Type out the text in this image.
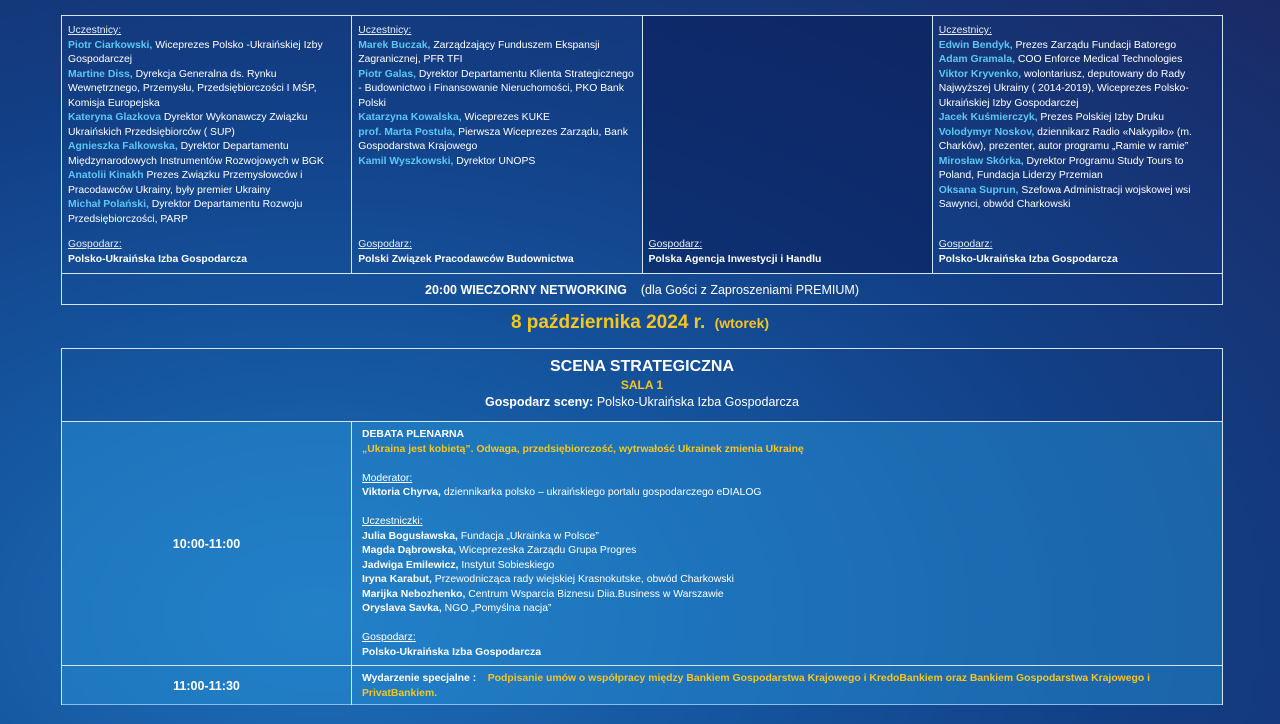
Uczestnicy:
Piotr Ciarkowski, Wiceprezes Polsko -Ukraińskiej Izby Gospodarczej
Martine Diss, Dyrekcja Generalna ds. Rynku Wewnętrznego, Przemysłu, Przedsiębiorczości I MŚP, Komisja Europejska
Kateryna Glazkova Dyrektor Wykonawczy Związku Ukraińskich Przedsiębiorców ( SUP)
Agnieszka Falkowska, Dyrektor Departamentu Międzynarodowych Instrumentów Rozwojowych w BGK
Anatolii Kinakh Prezes Związku Przemysłowców i Pracodawców Ukrainy, były premier Ukrainy
Michał Polański, Dyrektor Departamentu Rozwoju Przedsiębiorczości, PARP
Gospodarz:
Polsko-Ukraińska Izba Gospodarcza
Uczestnicy:
Marek Buczak, Zarządzający Funduszem Ekspansji Zagranicznej, PFR TFI
Piotr Galas, Dyrektor Departamentu Klienta Strategicznego - Budownictwo i Finansowanie Nieruchomości, PKO Bank Polski
Katarzyna Kowalska, Wiceprezes KUKE
prof. Marta Postuła, Pierwsza Wiceprezes Zarządu, Bank Gospodarstwa Krajowego
Kamil Wyszkowski, Dyrektor UNOPS
Gospodarz:
Polski Związek Pracodawców Budownictwa
Gospodarz:
Polska Agencja Inwestycji i Handlu
Uczestnicy:
Edwin Bendyk, Prezes Zarządu Fundacji Batorego
Adam Gramala, COO Enforce Medical Technologies
Viktor Kryvenko, wolontariusz, deputowany do Rady Najwyższej Ukrainy ( 2014-2019), Wiceprezes Polsko-Ukraińskiej Izby Gospodarczej
Jacek Kuśmierczyk, Prezes Polskiej Izby Druku
Volodymyr Noskov, dziennikarz Radio «Nakypiło» (m. Charków), prezenter, autor programu „Ramie w ramie”
Mirosław Skórka, Dyrektor Programu Study Tours to Poland, Fundacja Liderzy Przemian
Oksana Suprun, Szefowa Administracji wojskowej wsi Sawynci, obwód Charkowski
Gospodarz:
Polsko-Ukraińska Izba Gospodarcza
20:00 WIECZORNY NETWORKING (dla Gości z Zaproszeniami PREMIUM)
8 października 2024 r. (wtorek)
SCENA STRATEGICZNA
SALA 1
Gospodarz sceny: Polsko-Ukraińska Izba Gospodarcza
10:00-11:00
DEBATA PLENARNA
„Ukraina jest kobietą”. Odwaga, przedsiębiorczość, wytrwałość Ukrainek zmienia Ukrainę
Moderator:
Viktoria Chyrva, dziennikarka polsko – ukraińskiego portalu gospodarczego eDIALOG
Uczestniczki:
Julia Bogusławska, Fundacja „Ukrainka w Polsce”
Magda Dąbrowska, Wiceprezeska Zarządu Grupa Progres
Jadwiga Emilewicz, Instytut Sobieskiego
Iryna Karabut, Przewodnicząca rady wiejskiej Krasnokutske, obwód Charkowski
Marijka Nebozhenko, Centrum Wsparcia Biznesu Diia.Business w Warszawie
Oryslava Savka, NGO „Pomyślna nacja”
Gospodarz:
Polsko-Ukraińska Izba Gospodarcza
11:00-11:30	Wydarzenie specjalne : Podpisanie umów o współpracy między Bankiem Gospodarstwa Krajowego i KredoBankiem oraz Bankiem Gospodarstwa Krajowego i PrivatBankiem.
